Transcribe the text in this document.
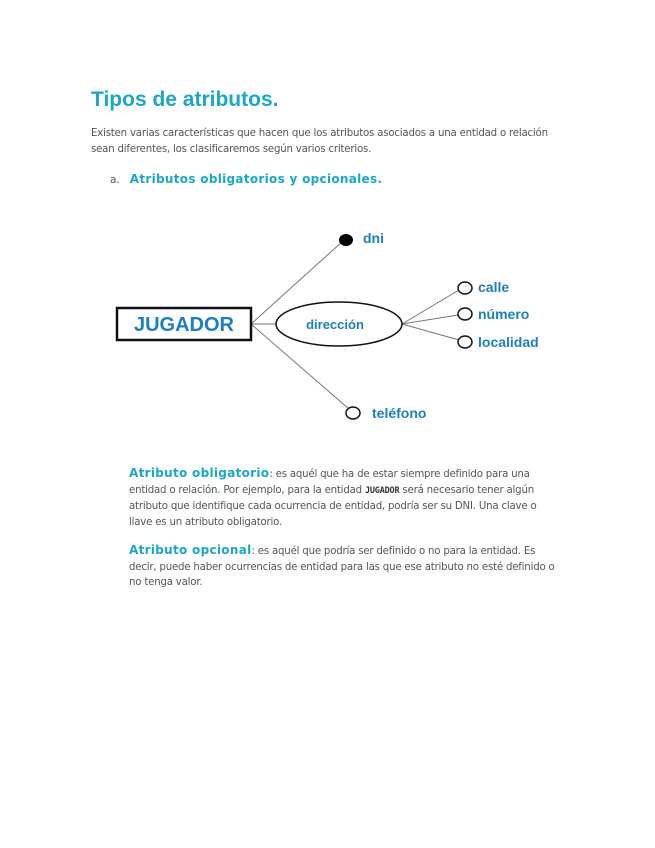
Tipos de atributos.

Existen varias características que hacen que los atributos asociados a una entidad o relación sean diferentes, los clasificaremos según varios criterios.

a. Atributos obligatorios y opcionales.
JUGADOR	dirección
dni
calle
número
localidad
teléfono

Atributo obligatorio: es aquél que ha de estar siempre definido para una entidad o relación. Por ejemplo, para la entidad JUGADOR será necesario tener algún atributo que identifique cada ocurrencia de entidad, podría ser su DNI. Una clave o llave es un atributo obligatorio.

Atributo opcional: es aquél que podría ser definido o no para la entidad. Es decir, puede haber ocurrencias de entidad para las que ese atributo no esté definido o no tenga valor.
